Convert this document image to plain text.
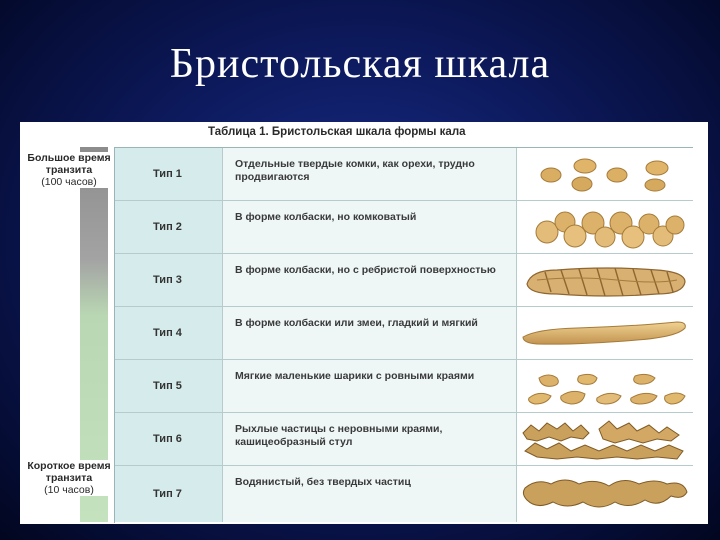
Бристольская шкала
Таблица 1. Бристольская шкала формы кала
Большое время транзита
(100 часов)
Короткое время транзита
(10 часов)
Тип 1
Отдельные твердые комки, как орехи, трудно продвигаются
Тип 2
В форме колбаски, но комковатый
Тип 3
В форме колбаски, но с ребристой поверхностью
Тип 4
В форме колбаски или змеи, гладкий и мягкий
Тип 5
Мягкие маленькие шарики с ровными краями
Тип 6
Рыхлые частицы с неровными краями, кашицеобразный стул
Тип 7
Водянистый, без твердых частиц
